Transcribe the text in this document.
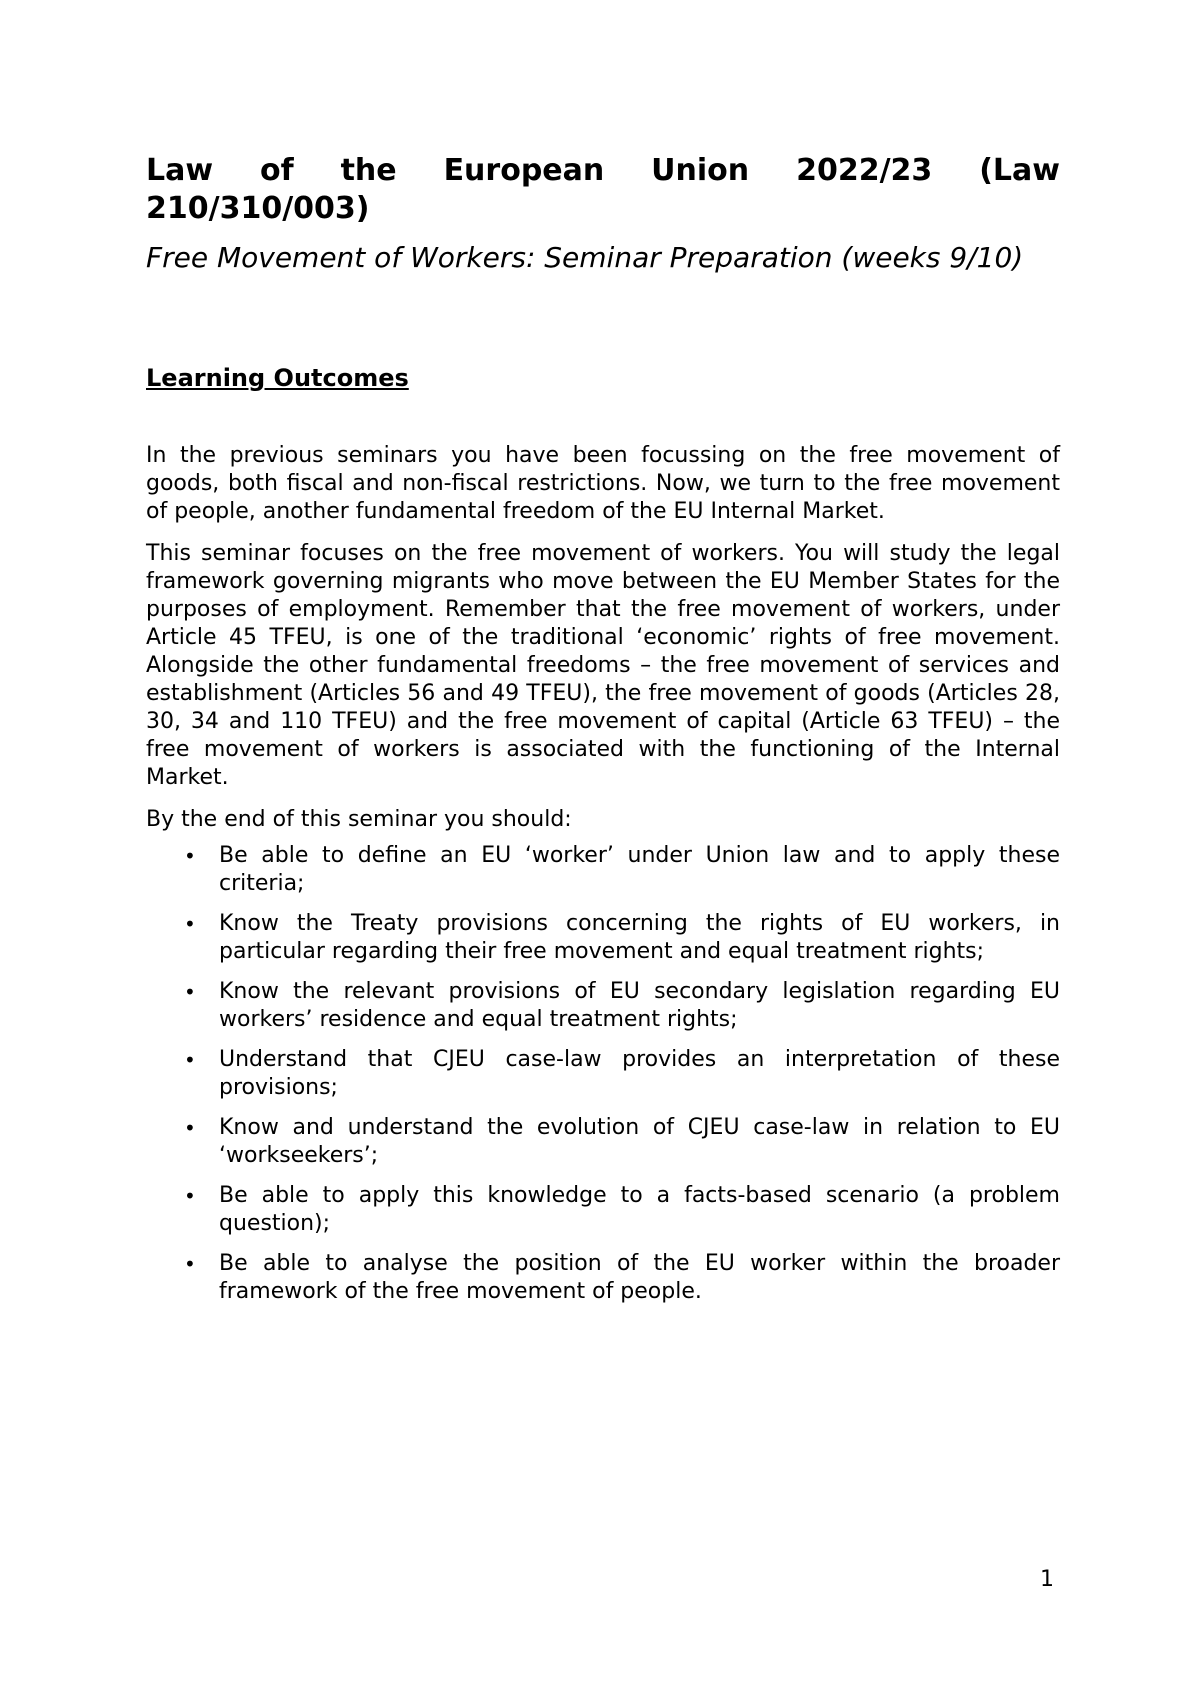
Law of the European Union 2022/23 (Law 210/310/003)

Free Movement of Workers: Seminar Preparation (weeks 9/10)

Learning Outcomes

In the previous seminars you have been focussing on the free movement of goods, both fiscal and non-fiscal restrictions. Now, we turn to the free movement of people, another fundamental freedom of the EU Internal Market.

This seminar focuses on the free movement of workers. You will study the legal framework governing migrants who move between the EU Member States for the purposes of employment. Remember that the free movement of workers, under Article 45 TFEU, is one of the traditional ‘economic’ rights of free movement. Alongside the other fundamental freedoms – the free movement of services and establishment (Articles 56 and 49 TFEU), the free movement of goods (Articles 28, 30, 34 and 110 TFEU) and the free movement of capital (Article 63 TFEU) – the free movement of workers is associated with the functioning of the Internal Market.

By the end of this seminar you should:

• Be able to define an EU ‘worker’ under Union law and to apply these criteria;
• Know the Treaty provisions concerning the rights of EU workers, in particular regarding their free movement and equal treatment rights;
• Know the relevant provisions of EU secondary legislation regarding EU workers’ residence and equal treatment rights;
• Understand that CJEU case-law provides an interpretation of these provisions;
• Know and understand the evolution of CJEU case-law in relation to EU ‘workseekers’;
• Be able to apply this knowledge to a facts-based scenario (a problem question);
• Be able to analyse the position of the EU worker within the broader framework of the free movement of people.
1
